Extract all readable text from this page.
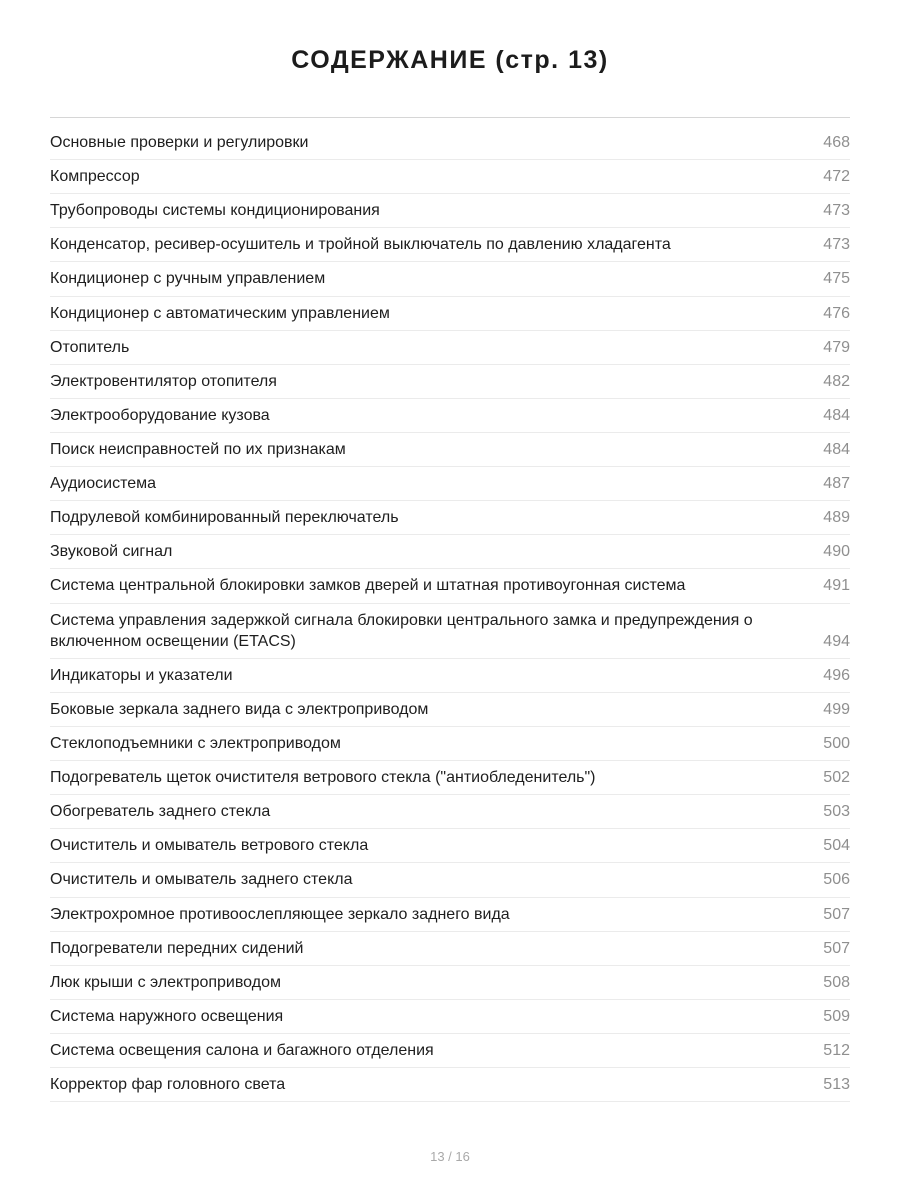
СОДЕРЖАНИЕ (стр. 13)
Основные проверки и регулировки	468
Компрессор	472
Трубопроводы системы кондиционирования	473
Конденсатор, ресивер-осушитель и тройной выключатель по давлению хладагента	473
Кондиционер с ручным управлением	475
Кондиционер с автоматическим управлением	476
Отопитель	479
Электровентилятор отопителя	482
Электрооборудование кузова	484
Поиск неисправностей по их признакам	484
Аудиосистема	487
Подрулевой комбинированный переключатель	489
Звуковой сигнал	490
Система центральной блокировки замков дверей и штатная противоугонная система	491
Система управления задержкой сигнала блокировки центрального замка и предупреждения о включенном освещении (ETACS)	494
Индикаторы и указатели	496
Боковые зеркала заднего вида с электроприводом	499
Стеклоподъемники с электроприводом	500
Подогреватель щеток очистителя ветрового стекла ("антиобледенитель")	502
Обогреватель заднего стекла	503
Очиститель и омыватель ветрового стекла	504
Очиститель и омыватель заднего стекла	506
Электрохромное противоослепляющее зеркало заднего вида	507
Подогреватели передних сидений	507
Люк крыши с электроприводом	508
Система наружного освещения	509
Система освещения салона и багажного отделения	512
Корректор фар головного света	513
13 / 16
